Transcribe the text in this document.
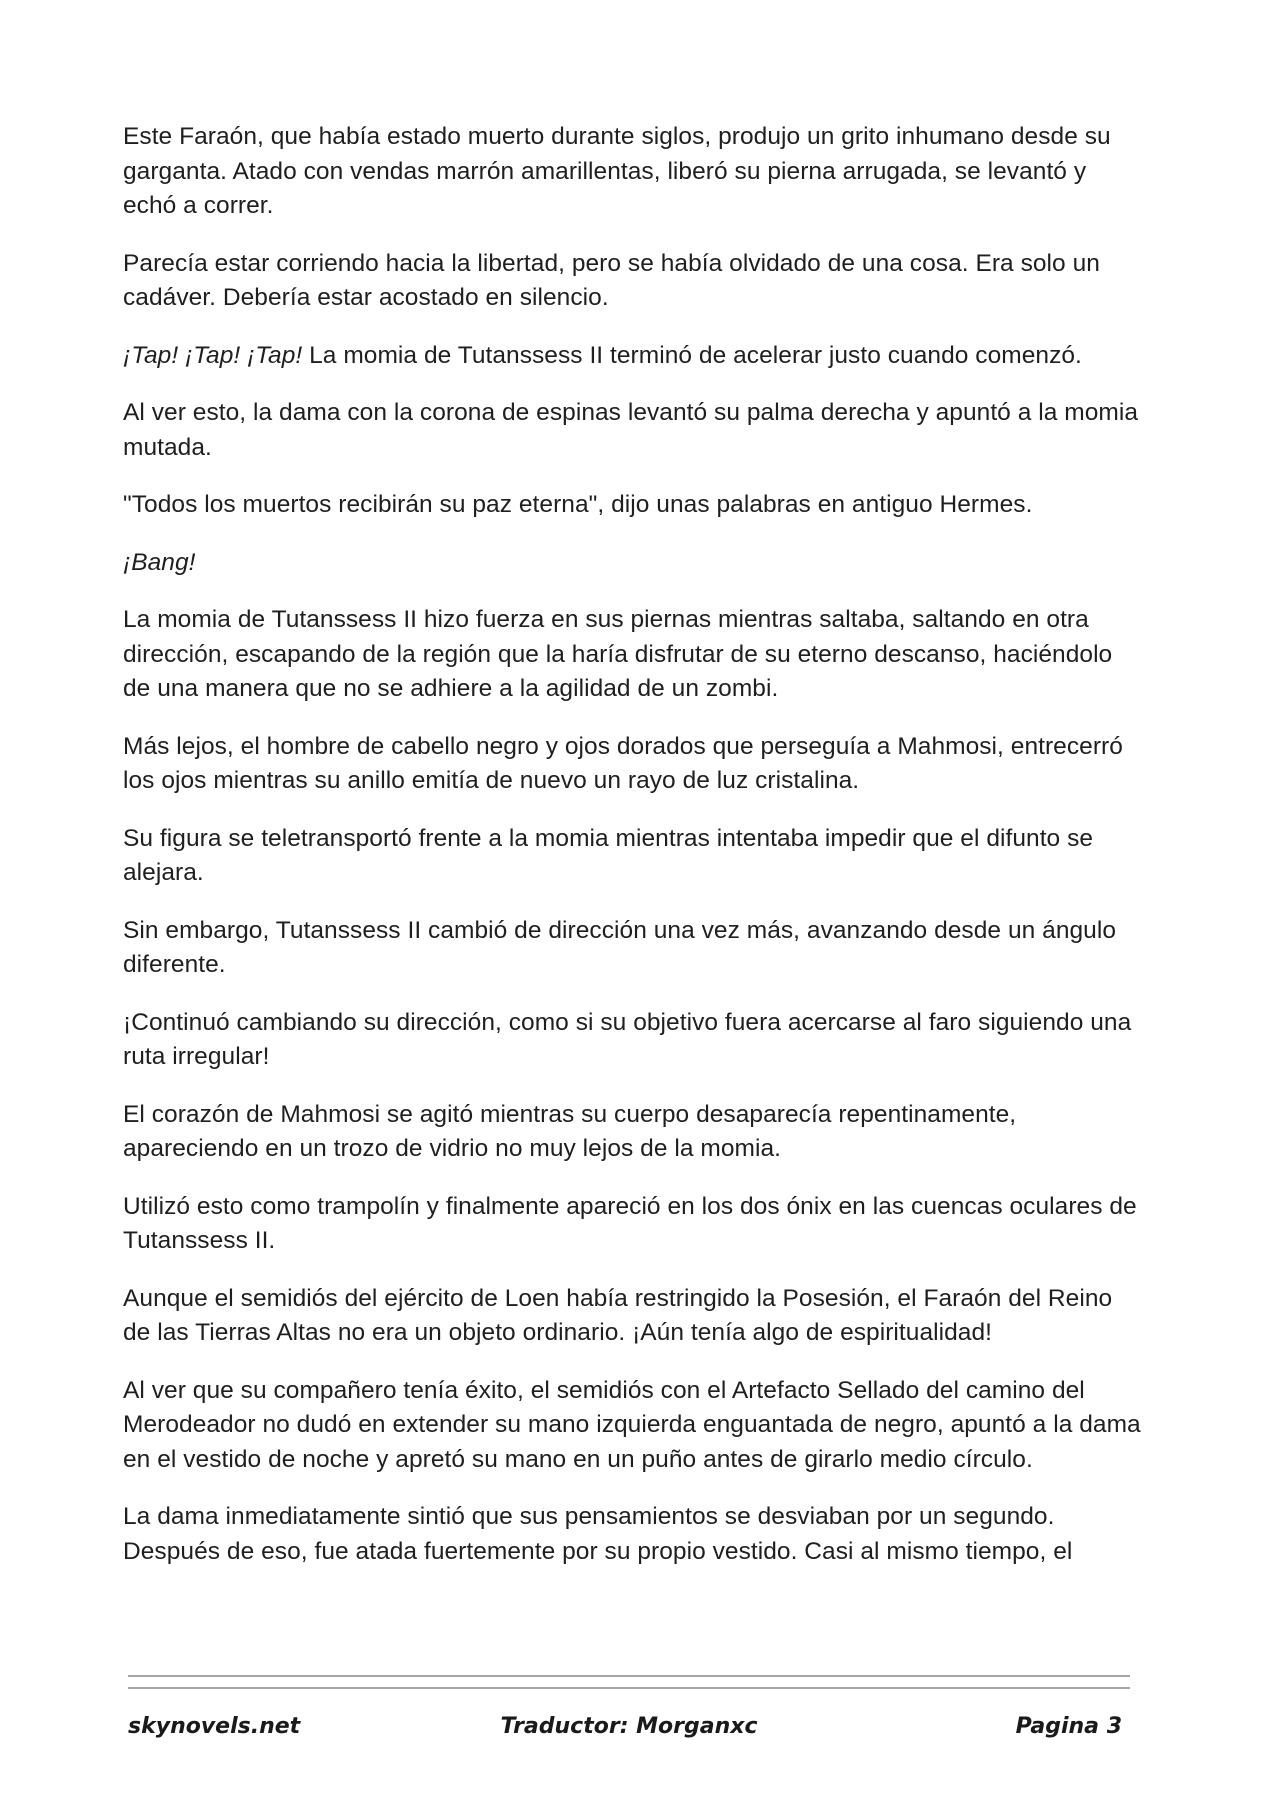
Este Faraón, que había estado muerto durante siglos, produjo un grito inhumano desde su garganta. Atado con vendas marrón amarillentas, liberó su pierna arrugada, se levantó y echó a correr.

Parecía estar corriendo hacia la libertad, pero se había olvidado de una cosa. Era solo un cadáver. Debería estar acostado en silencio.

¡Tap! ¡Tap! ¡Tap! La momia de Tutanssess II terminó de acelerar justo cuando comenzó.

Al ver esto, la dama con la corona de espinas levantó su palma derecha y apuntó a la momia mutada.

"Todos los muertos recibirán su paz eterna", dijo unas palabras en antiguo Hermes.

¡Bang!

La momia de Tutanssess II hizo fuerza en sus piernas mientras saltaba, saltando en otra dirección, escapando de la región que la haría disfrutar de su eterno descanso, haciéndolo de una manera que no se adhiere a la agilidad de un zombi.

Más lejos, el hombre de cabello negro y ojos dorados que perseguía a Mahmosi, entrecerró los ojos mientras su anillo emitía de nuevo un rayo de luz cristalina.

Su figura se teletransportó frente a la momia mientras intentaba impedir que el difunto se alejara.

Sin embargo, Tutanssess II cambió de dirección una vez más, avanzando desde un ángulo diferente.

¡Continuó cambiando su dirección, como si su objetivo fuera acercarse al faro siguiendo una ruta irregular!

El corazón de Mahmosi se agitó mientras su cuerpo desaparecía repentinamente, apareciendo en un trozo de vidrio no muy lejos de la momia.

Utilizó esto como trampolín y finalmente apareció en los dos ónix en las cuencas oculares de Tutanssess II.

Aunque el semidiós del ejército de Loen había restringido la Posesión, el Faraón del Reino de las Tierras Altas no era un objeto ordinario. ¡Aún tenía algo de espiritualidad!

Al ver que su compañero tenía éxito, el semidiós con el Artefacto Sellado del camino del Merodeador no dudó en extender su mano izquierda enguantada de negro, apuntó a la dama en el vestido de noche y apretó su mano en un puño antes de girarlo medio círculo.

La dama inmediatamente sintió que sus pensamientos se desviaban por un segundo. Después de eso, fue atada fuertemente por su propio vestido. Casi al mismo tiempo, el

skynovels.net	Traductor: Morganxc	Pagina 3
